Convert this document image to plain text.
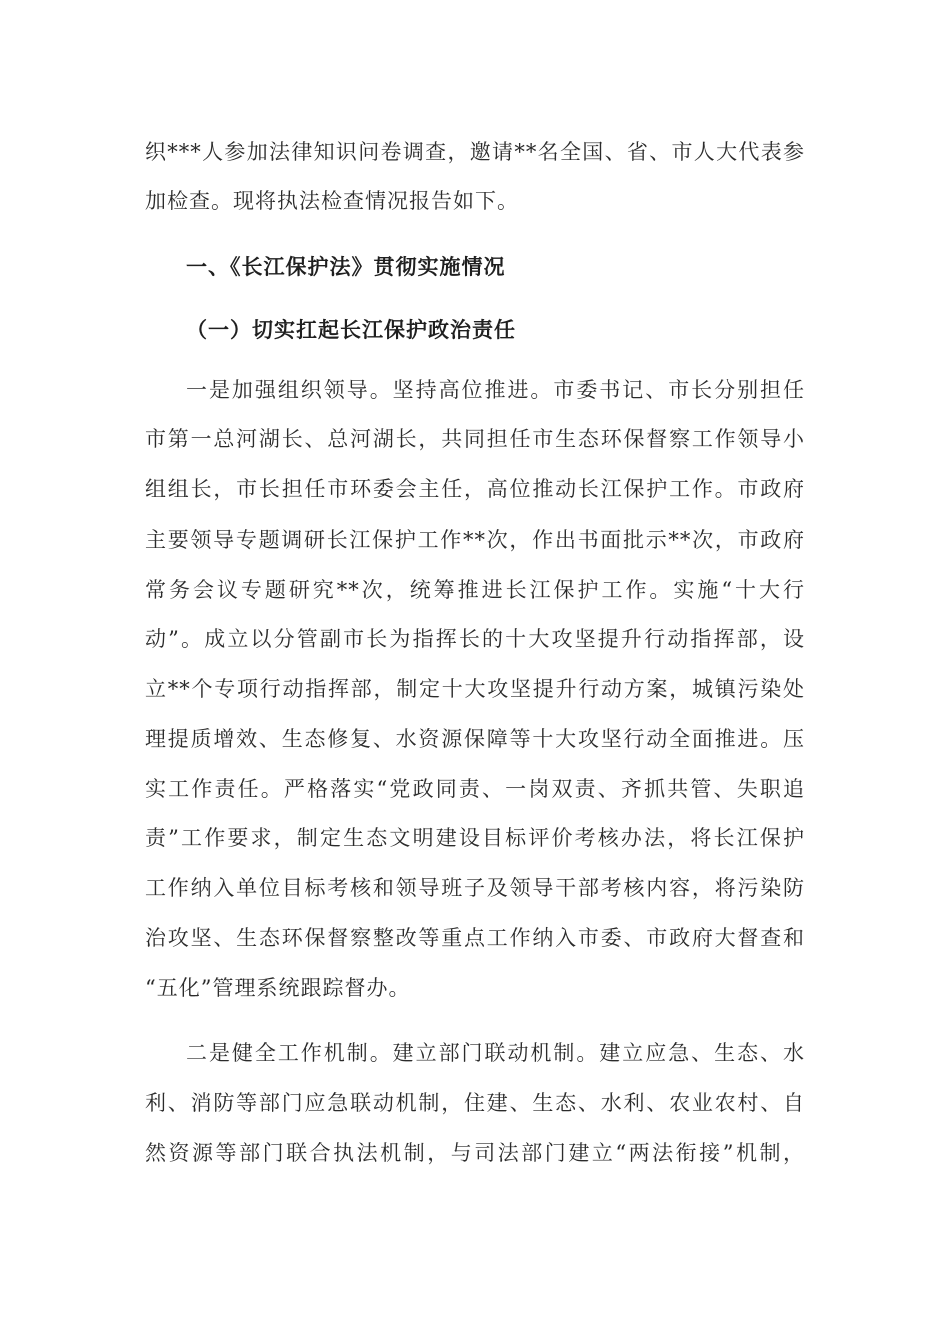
织***人参加法律知识问卷调查，邀请**名全国、省、市人大代表参
加检查。现将执法检查情况报告如下。
一、《长江保护法》贯彻实施情况
（一）切实扛起长江保护政治责任
一是加强组织领导。坚持高位推进。市委书记、市长分别担任
市第一总河湖长、总河湖长，共同担任市生态环保督察工作领导小
组组长，市长担任市环委会主任，高位推动长江保护工作。市政府
主要领导专题调研长江保护工作**次，作出书面批示**次，市政府
常务会议专题研究**次，统筹推进长江保护工作。实施“十大行
动”。成立以分管副市长为指挥长的十大攻坚提升行动指挥部，设
立**个专项行动指挥部，制定十大攻坚提升行动方案，城镇污染处
理提质增效、生态修复、水资源保障等十大攻坚行动全面推进。压
实工作责任。严格落实“党政同责、一岗双责、齐抓共管、失职追
责”工作要求，制定生态文明建设目标评价考核办法，将长江保护
工作纳入单位目标考核和领导班子及领导干部考核内容，将污染防
治攻坚、生态环保督察整改等重点工作纳入市委、市政府大督查和
“五化”管理系统跟踪督办。
二是健全工作机制。建立部门联动机制。建立应急、生态、水
利、消防等部门应急联动机制，住建、生态、水利、农业农村、自
然资源等部门联合执法机制，与司法部门建立“两法衔接”机制，
